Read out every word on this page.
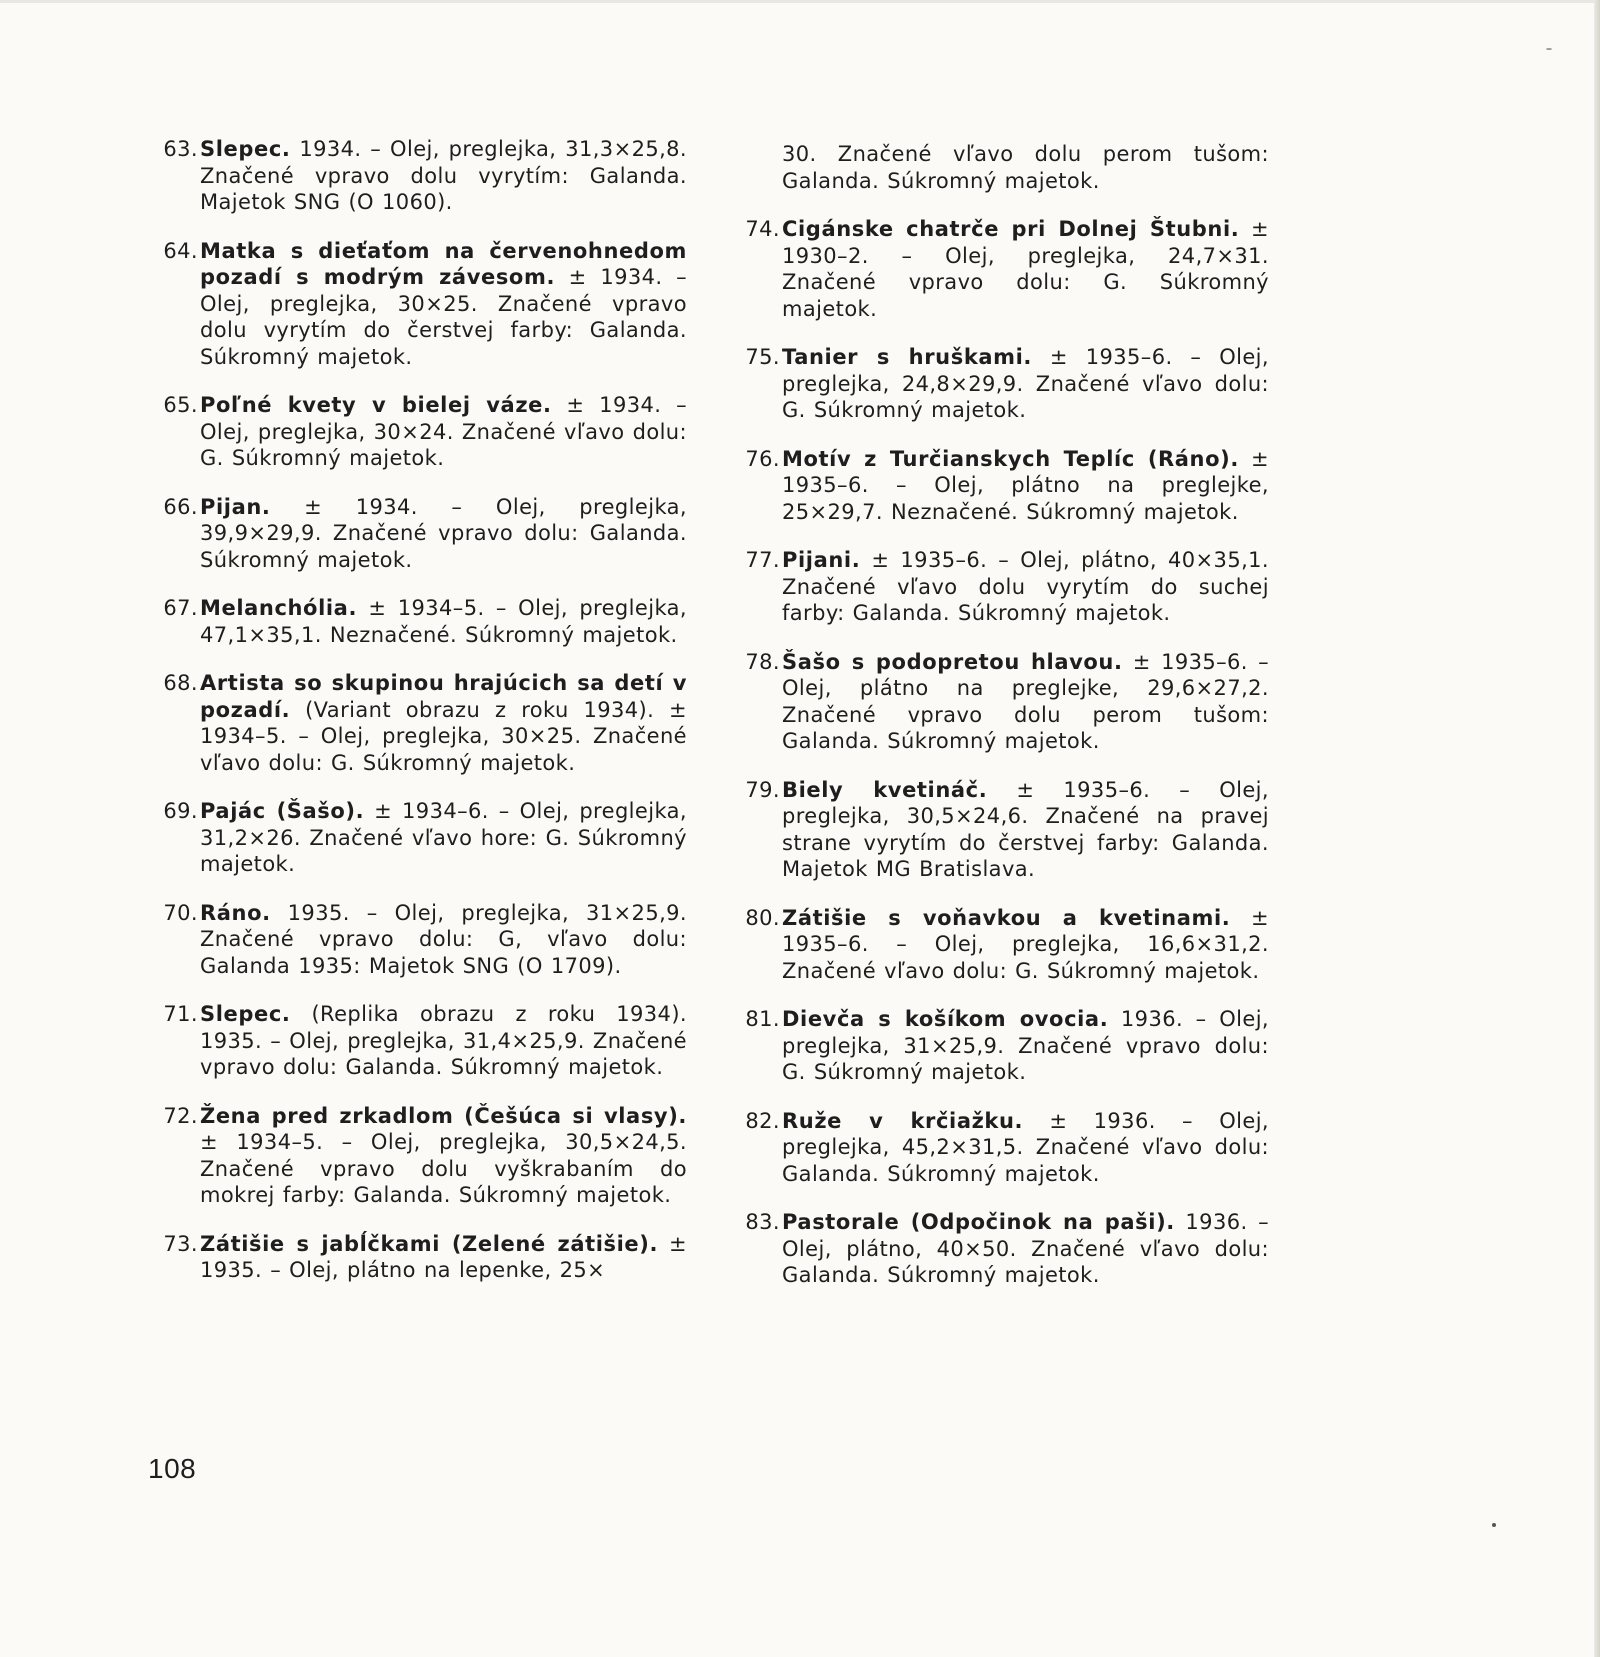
63. Slepec. 1934. – Olej, preglejka, 31,3×25,8. Značené vpravo dolu vyrytím: Galanda. Majetok SNG (O 1060).
64. Matka s dieťaťom na červenohnedom pozadí s modrým závesom. ± 1934. – Olej, preglejka, 30×25. Značené vpravo dolu vyrytím do čerstvej farby: Galanda. Súkromný majetok.
65. Poľné kvety v bielej váze. ± 1934. – Olej, preglejka, 30×24. Značené vľavo dolu: G. Súkromný majetok.
66. Pijan. ± 1934. – Olej, preglejka, 39,9×29,9. Značené vpravo dolu: Galanda. Súkromný majetok.
67. Melanchólia. ± 1934–5. – Olej, preglejka, 47,1×35,1. Neznačené. Súkromný majetok.
68. Artista so skupinou hrajúcich sa detí v pozadí. (Variant obrazu z roku 1934). ± 1934–5. – Olej, preglejka, 30×25. Značené vľavo dolu: G. Súkromný majetok.
69. Pajác (Šašo). ± 1934–6. – Olej, preglejka, 31,2×26. Značené vľavo hore: G. Súkromný majetok.
70. Ráno. 1935. – Olej, preglejka, 31×25,9. Značené vpravo dolu: G, vľavo dolu: Galanda 1935: Majetok SNG (O 1709).
71. Slepec. (Replika obrazu z roku 1934). 1935. – Olej, preglejka, 31,4×25,9. Značené vpravo dolu: Galanda. Súkromný majetok.
72. Žena pred zrkadlom (Češúca si vlasy). ± 1934–5. – Olej, preglejka, 30,5×24,5. Značené vpravo dolu vyškrabaním do mokrej farby: Galanda. Súkromný majetok.
73. Zátišie s jabĺčkami (Zelené zátišie). ± 1935. – Olej, plátno na lepenke, 25×
30. Značené vľavo dolu perom tušom: Galanda. Súkromný majetok.
74. Cigánske chatrče pri Dolnej Štubni. ± 1930–2. – Olej, preglejka, 24,7×31. Značené vpravo dolu: G. Súkromný majetok.
75. Tanier s hruškami. ± 1935–6. – Olej, preglejka, 24,8×29,9. Značené vľavo dolu: G. Súkromný majetok.
76. Motív z Turčianskych Teplíc (Ráno). ± 1935–6. – Olej, plátno na preglejke, 25×29,7. Neznačené. Súkromný majetok.
77. Pijani. ± 1935–6. – Olej, plátno, 40×35,1. Značené vľavo dolu vyrytím do suchej farby: Galanda. Súkromný majetok.
78. Šašo s podopretou hlavou. ± 1935–6. – Olej, plátno na preglejke, 29,6×27,2. Značené vpravo dolu perom tušom: Galanda. Súkromný majetok.
79. Biely kvetináč. ± 1935–6. – Olej, preglejka, 30,5×24,6. Značené na pravej strane vyrytím do čerstvej farby: Galanda. Majetok MG Bratislava.
80. Zátišie s voňavkou a kvetinami. ± 1935–6. – Olej, preglejka, 16,6×31,2. Značené vľavo dolu: G. Súkromný majetok.
81. Dievča s košíkom ovocia. 1936. – Olej, preglejka, 31×25,9. Značené vpravo dolu: G. Súkromný majetok.
82. Ruže v krčiažku. ± 1936. – Olej, preglejka, 45,2×31,5. Značené vľavo dolu: Galanda. Súkromný majetok.
83. Pastorale (Odpočinok na paši). 1936. – Olej, plátno, 40×50. Značené vľavo dolu: Galanda. Súkromný majetok.
108
